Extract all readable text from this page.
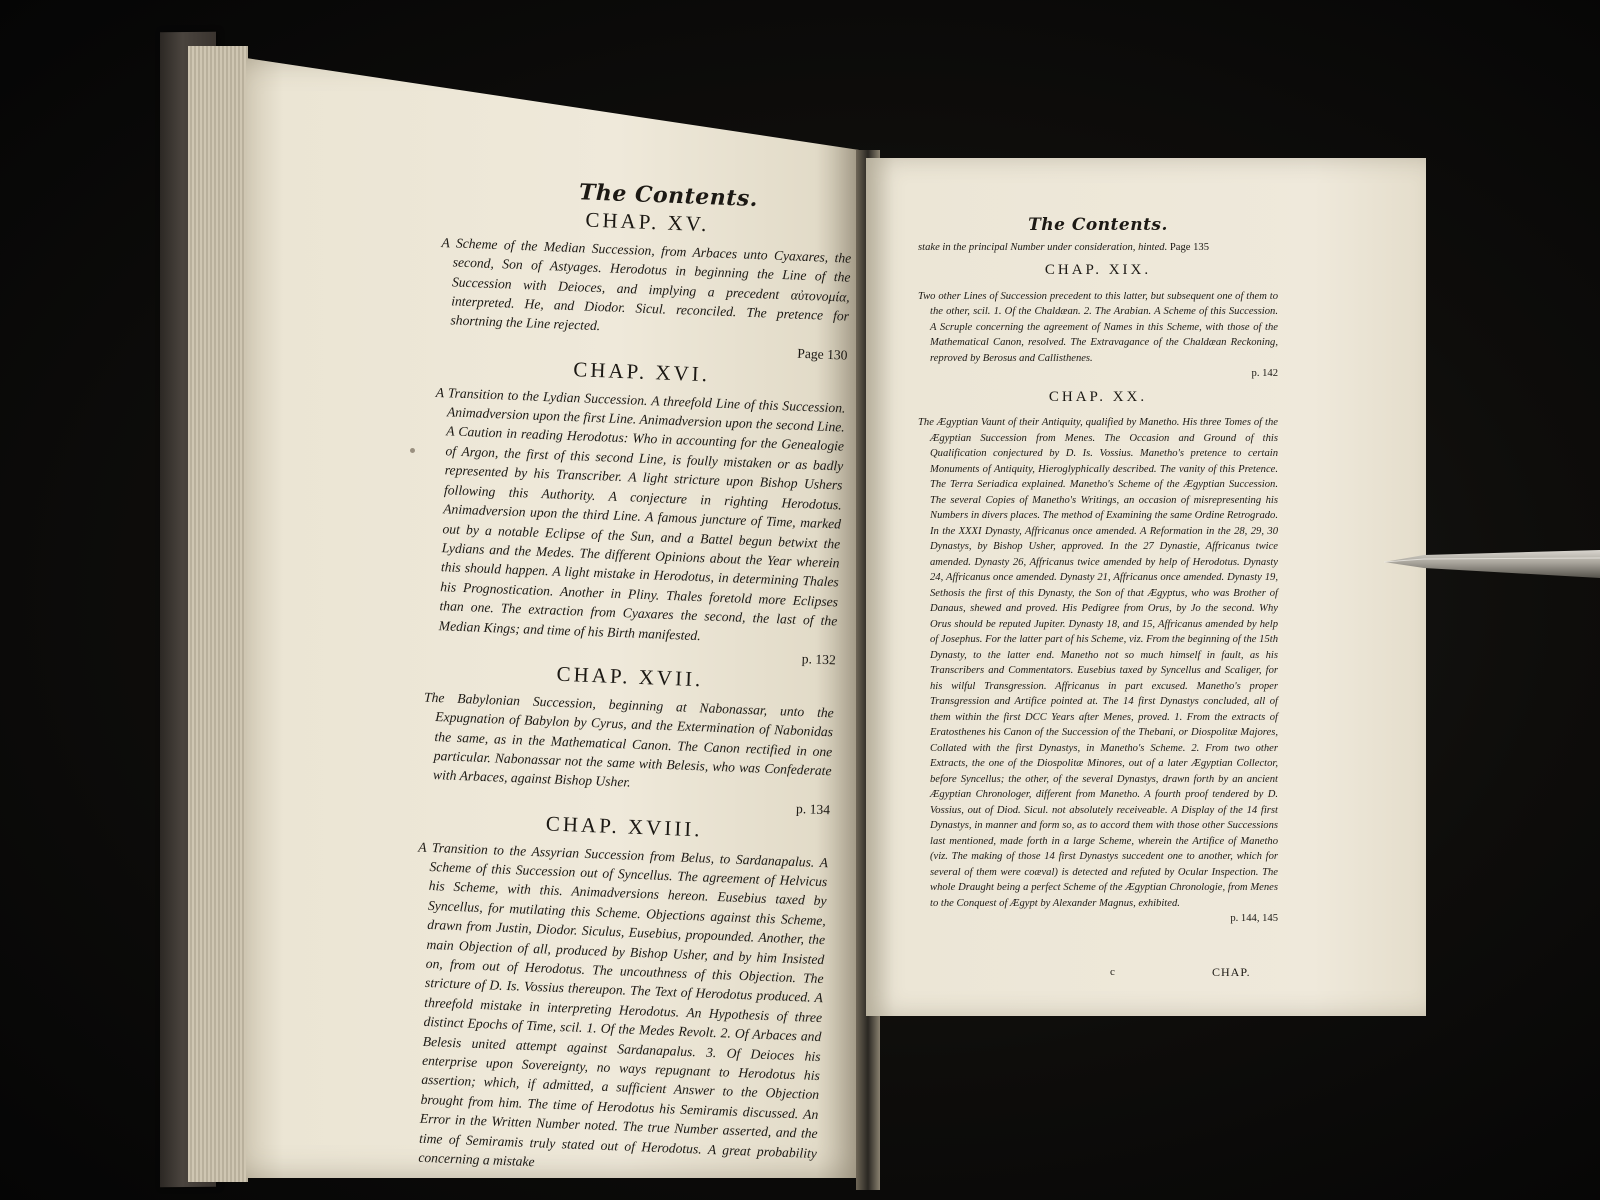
The Contents.
CHAP. XV.
A Scheme of the Median Succession, from Arbaces unto Cyaxares, the second, Son of Astyages. Herodotus in beginning the Line of the Succession with Deioces, and implying a precedent αὐτονομία, interpreted. He, and Diodor. Sicul. reconciled. The pretence for shortning the Line rejected.
Page 130
CHAP. XVI.
A Transition to the Lydian Succession. A threefold Line of this Succession. Animadversion upon the first Line. Animadversion upon the second Line. A Caution in reading Herodotus: Who in accounting for the Genealogie of Argon, the first of this second Line, is foully mistaken or as badly represented by his Transcriber. A light stricture upon Bishop Ushers following this Authority. A conjecture in righting Herodotus. Animadversion upon the third Line. A famous juncture of Time, marked out by a notable Eclipse of the Sun, and a Battel begun betwixt the Lydians and the Medes. The different Opinions about the Year wherein this should happen. A light mistake in Herodotus, in determining Thales his Prognostication. Another in Pliny. Thales foretold more Eclipses than one. The extraction from Cyaxares the second, the last of the Median Kings; and time of his Birth manifested.
p. 132
CHAP. XVII.
The Babylonian Succession, beginning at Nabonassar, unto the Expugnation of Babylon by Cyrus, and the Extermination of Nabonidas the same, as in the Mathematical Canon. The Canon rectified in one particular. Nabonassar not the same with Belesis, who was Confederate with Arbaces, against Bishop Usher.
p. 134
CHAP. XVIII.
A Transition to the Assyrian Succession from Belus, to Sardanapalus. A Scheme of this Succession out of Syncellus. The agreement of Helvicus his Scheme, with this. Animadversions hereon. Eusebius taxed by Syncellus, for mutilating this Scheme. Objections against this Scheme, drawn from Justin, Diodor. Siculus, Eusebius, propounded. Another, the main Objection of all, produced by Bishop Usher, and by him Insisted on, from out of Herodotus. The uncouthness of this Objection. The stricture of D. Is. Vossius thereupon. The Text of Herodotus produced. A threefold mistake in interpreting Herodotus. An Hypothesis of three distinct Epochs of Time, scil. 1. Of the Medes Revolt. 2. Of Arbaces and Belesis united attempt against Sardanapalus. 3. Of Deioces his enterprise upon Sovereignty, no ways repugnant to Herodotus his assertion; which, if admitted, a sufficient Answer to the Objection brought from him. The time of Herodotus his Semiramis discussed. An Error in the Written Number noted. The true Number asserted, and the time of Semiramis truly stated out of Herodotus. A great probability concerning a mistake
The Contents.
stake in the principal Number under consideration, hinted. Page 135
CHAP. XIX.
Two other Lines of Succession precedent to this latter, but subsequent one of them to the other, scil. 1. Of the Chaldæan. 2. The Arabian. A Scheme of this Succession. A Scruple concerning the agreement of Names in this Scheme, with those of the Mathematical Canon, resolved. The Extravagance of the Chaldæan Reckoning, reproved by Berosus and Callisthenes.
p. 142
CHAP. XX.
The Ægyptian Vaunt of their Antiquity, qualified by Manetho. His three Tomes of the Ægyptian Succession from Menes. The Occasion and Ground of this Qualification conjectured by D. Is. Vossius. Manetho's pretence to certain Monuments of Antiquity, Hieroglyphically described. The vanity of this Pretence. The Terra Seriadica explained. Manetho's Scheme of the Ægyptian Succession. The several Copies of Manetho's Writings, an occasion of misrepresenting his Numbers in divers places. The method of Examining the same Ordine Retrogrado. In the XXXI Dynasty, Affricanus once amended. A Reformation in the 28, 29, 30 Dynastys, by Bishop Usher, approved. In the 27 Dynastie, Affricanus twice amended. Dynasty 26, Affricanus twice amended by help of Herodotus. Dynasty 24, Affricanus once amended. Dynasty 21, Affricanus once amended. Dynasty 19, Sethosis the first of this Dynasty, the Son of that Ægyptus, who was Brother of Danaus, shewed and proved. His Pedigree from Orus, by Jo the second. Why Orus should be reputed Jupiter. Dynasty 18, and 15, Affricanus amended by help of Josephus. For the latter part of his Scheme, viz. From the beginning of the 15th Dynasty, to the latter end. Manetho not so much himself in fault, as his Transcribers and Commentators. Eusebius taxed by Syncellus and Scaliger, for his wilful Transgression. Affricanus in part excused. Manetho's proper Transgression and Artifice pointed at. The 14 first Dynastys concluded, all of them within the first DCC Years after Menes, proved. 1. From the extracts of Eratosthenes his Canon of the Succession of the Thebani, or Diospolitæ Majores, Collated with the first Dynastys, in Manetho's Scheme. 2. From two other Extracts, the one of the Diospolitæ Minores, out of a later Ægyptian Collector, before Syncellus; the other, of the several Dynastys, drawn forth by an ancient Ægyptian Chronologer, different from Manetho. A fourth proof tendered by D. Vossius, out of Diod. Sicul. not absolutely receiveable. A Display of the 14 first Dynastys, in manner and form so, as to accord them with those other Successions last mentioned, made forth in a large Scheme, wherein the Artifice of Manetho (viz. The making of those 14 first Dynastys succedent one to another, which for several of them were coæval) is detected and refuted by Ocular Inspection. The whole Draught being a perfect Scheme of the Ægyptian Chronologie, from Menes to the Conquest of Ægypt by Alexander Magnus, exhibited.
p. 144, 145
c	CHAP.
